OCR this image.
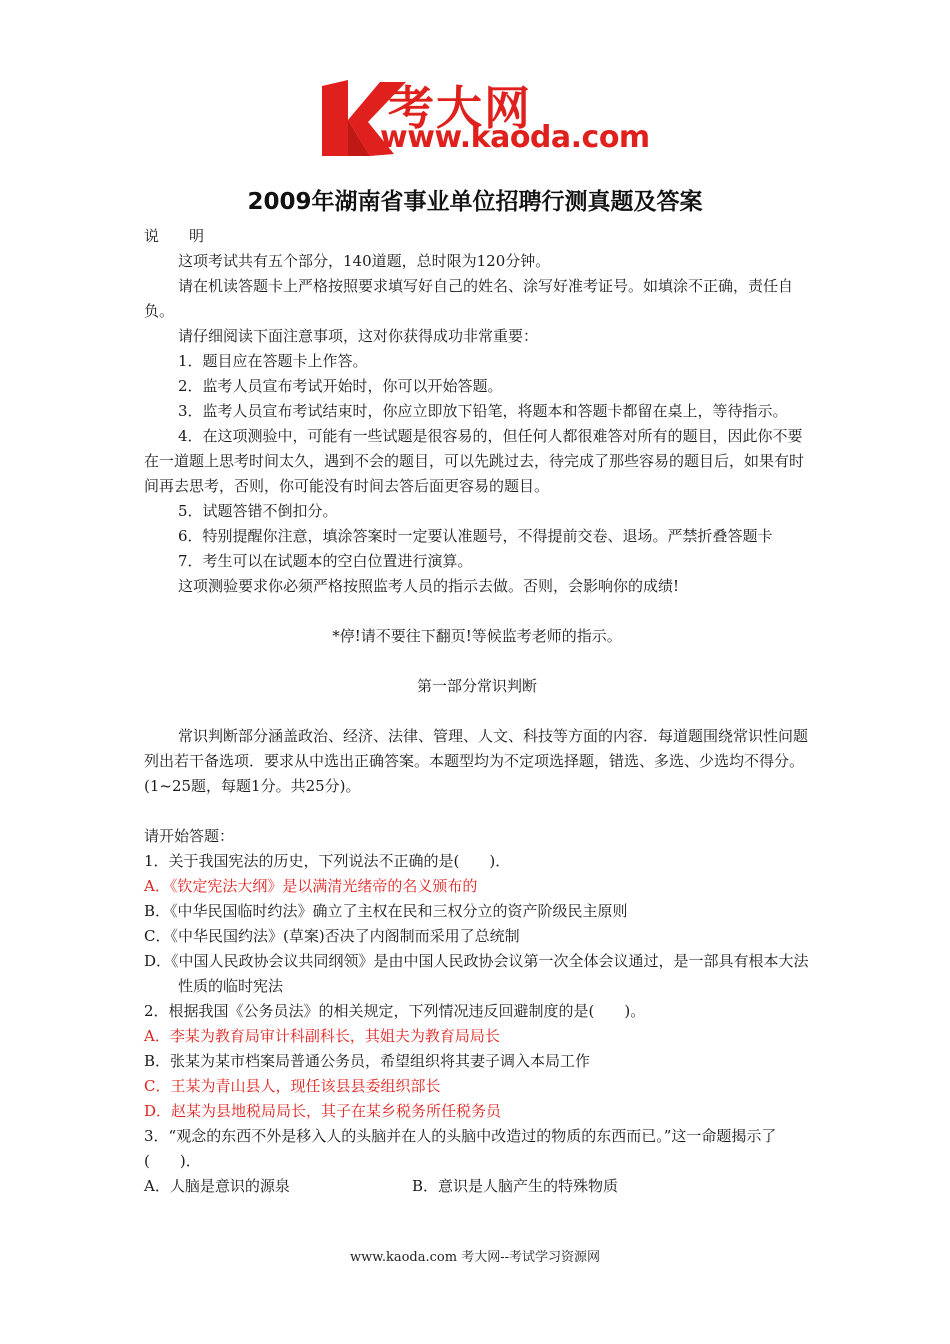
考大网
www.kaoda.com
2009年湖南省事业单位招聘行测真题及答案

说　　明

这项考试共有五个部分，140道题，总时限为120分钟。

请在机读答题卡上严格按照要求填写好自己的姓名、涂写好准考证号。如填涂不正确，责任自负。

请仔细阅读下面注意事项，这对你获得成功非常重要：

1．题目应在答题卡上作答。

2．监考人员宣布考试开始时，你可以开始答题。

3．监考人员宣布考试结束时，你应立即放下铅笔，将题本和答题卡都留在桌上，等待指示。

4．在这项测验中，可能有一些试题是很容易的，但任何人都很难答对所有的题目，因此你不要在一道题上思考时间太久，遇到不会的题目，可以先跳过去，待完成了那些容易的题目后，如果有时间再去思考，否则，你可能没有时间去答后面更容易的题目。

5．试题答错不倒扣分。

6．特别提醒你注意，填涂答案时一定要认准题号，不得提前交卷、退场。严禁折叠答题卡

7．考生可以在试题本的空白位置进行演算。

这项测验要求你必须严格按照监考人员的指示去做。否则，会影响你的成绩!

*停!请不要往下翻页!等候监考老师的指示。

第一部分常识判断

常识判断部分涵盖政治、经济、法律、管理、人文、科技等方面的内容．每道题围绕常识性问题列出若干备选项．要求从中选出正确答案。本题型均为不定项选择题，错选、多选、少选均不得分。(1~25题，每题1分。共25分)。

请开始答题：

1．关于我国宪法的历史，下列说法不正确的是(　　)．

A．《钦定宪法大纲》是以满清光绪帝的名义颁布的

B．《中华民国临时约法》确立了主权在民和三权分立的资产阶级民主原则

C．《中华民国约法》(草案)否决了内阁制而采用了总统制

D．《中国人民政协会议共同纲领》是由中国人民政协会议第一次全体会议通过，是一部具有根本大法性质的临时宪法

2．根据我国《公务员法》的相关规定，下列情况违反回避制度的是(　　)。

A．李某为教育局审计科副科长，其姐夫为教育局局长

B．张某为某市档案局普通公务员，希望组织将其妻子调入本局工作

C．王某为青山县人，现任该县县委组织部长

D．赵某为县地税局局长，其子在某乡税务所任税务员

3．“观念的东西不外是移入人的头脑并在人的头脑中改造过的物质的东西而已。”这一命题揭示了(　　)．

A．人脑是意识的源泉	B．意识是人脑产生的特殊物质

www.kaoda.com 考大网--考试学习资源网
